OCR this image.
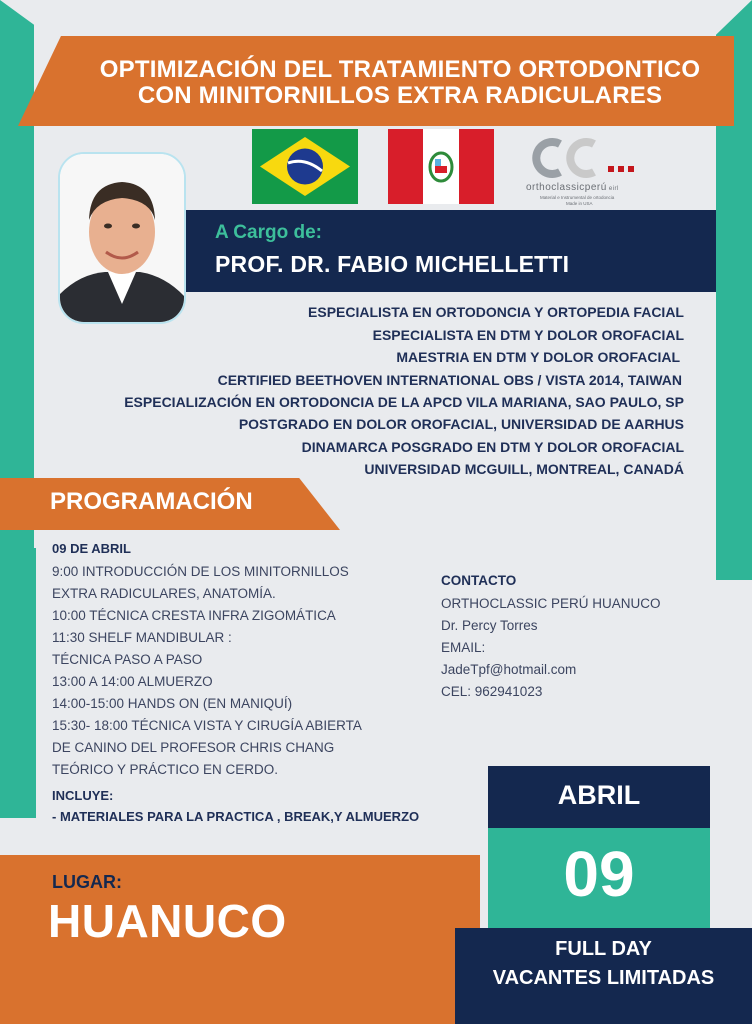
OPTIMIZACIÓN DEL TRATAMIENTO ORTODONTICO
CON MINITORNILLOS EXTRA RADICULARES
orthoclassicperú eirl
Material e Instrumental de ortodoncia
Made in USA
A Cargo de:
PROF. DR. FABIO MICHELLETTI
ESPECIALISTA EN ORTODONCIA Y ORTOPEDIA FACIAL
ESPECIALISTA EN DTM Y DOLOR OROFACIAL
MAESTRIA EN DTM Y DOLOR OROFACIAL
CERTIFIED BEETHOVEN INTERNATIONAL OBS / VISTA 2014, TAIWAN
ESPECIALIZACIÓN EN ORTODONCIA DE LA APCD VILA MARIANA, SAO PAULO, SP
POSTGRADO EN DOLOR OROFACIAL, UNIVERSIDAD DE AARHUS
DINAMARCA POSGRADO EN DTM Y DOLOR OROFACIAL
UNIVERSIDAD MCGUILL, MONTREAL, CANADÁ
PROGRAMACIÓN
09 DE ABRIL
9:00 INTRODUCCIÓN DE LOS MINITORNILLOS
EXTRA RADICULARES, ANATOMÍA.
10:00 TÉCNICA CRESTA INFRA ZIGOMÁTICA
11:30 SHELF MANDIBULAR :
TÉCNICA PASO A PASO
13:00 A 14:00 ALMUERZO
14:00-15:00 HANDS ON (EN MANIQUÍ)
15:30- 18:00 TÉCNICA VISTA Y CIRUGÍA ABIERTA
DE CANINO DEL PROFESOR CHRIS CHANG
TEÓRICO Y PRÁCTICO EN CERDO.
INCLUYE:
- MATERIALES PARA LA PRACTICA , BREAK,Y ALMUERZO
CONTACTO
ORTHOCLASSIC PERÚ HUANUCO
Dr. Percy Torres
EMAIL:
JadeTpf@hotmail.com
CEL: 962941023
ABRIL
09
LUGAR:
HUANUCO
FULL DAY
VACANTES LIMITADAS
